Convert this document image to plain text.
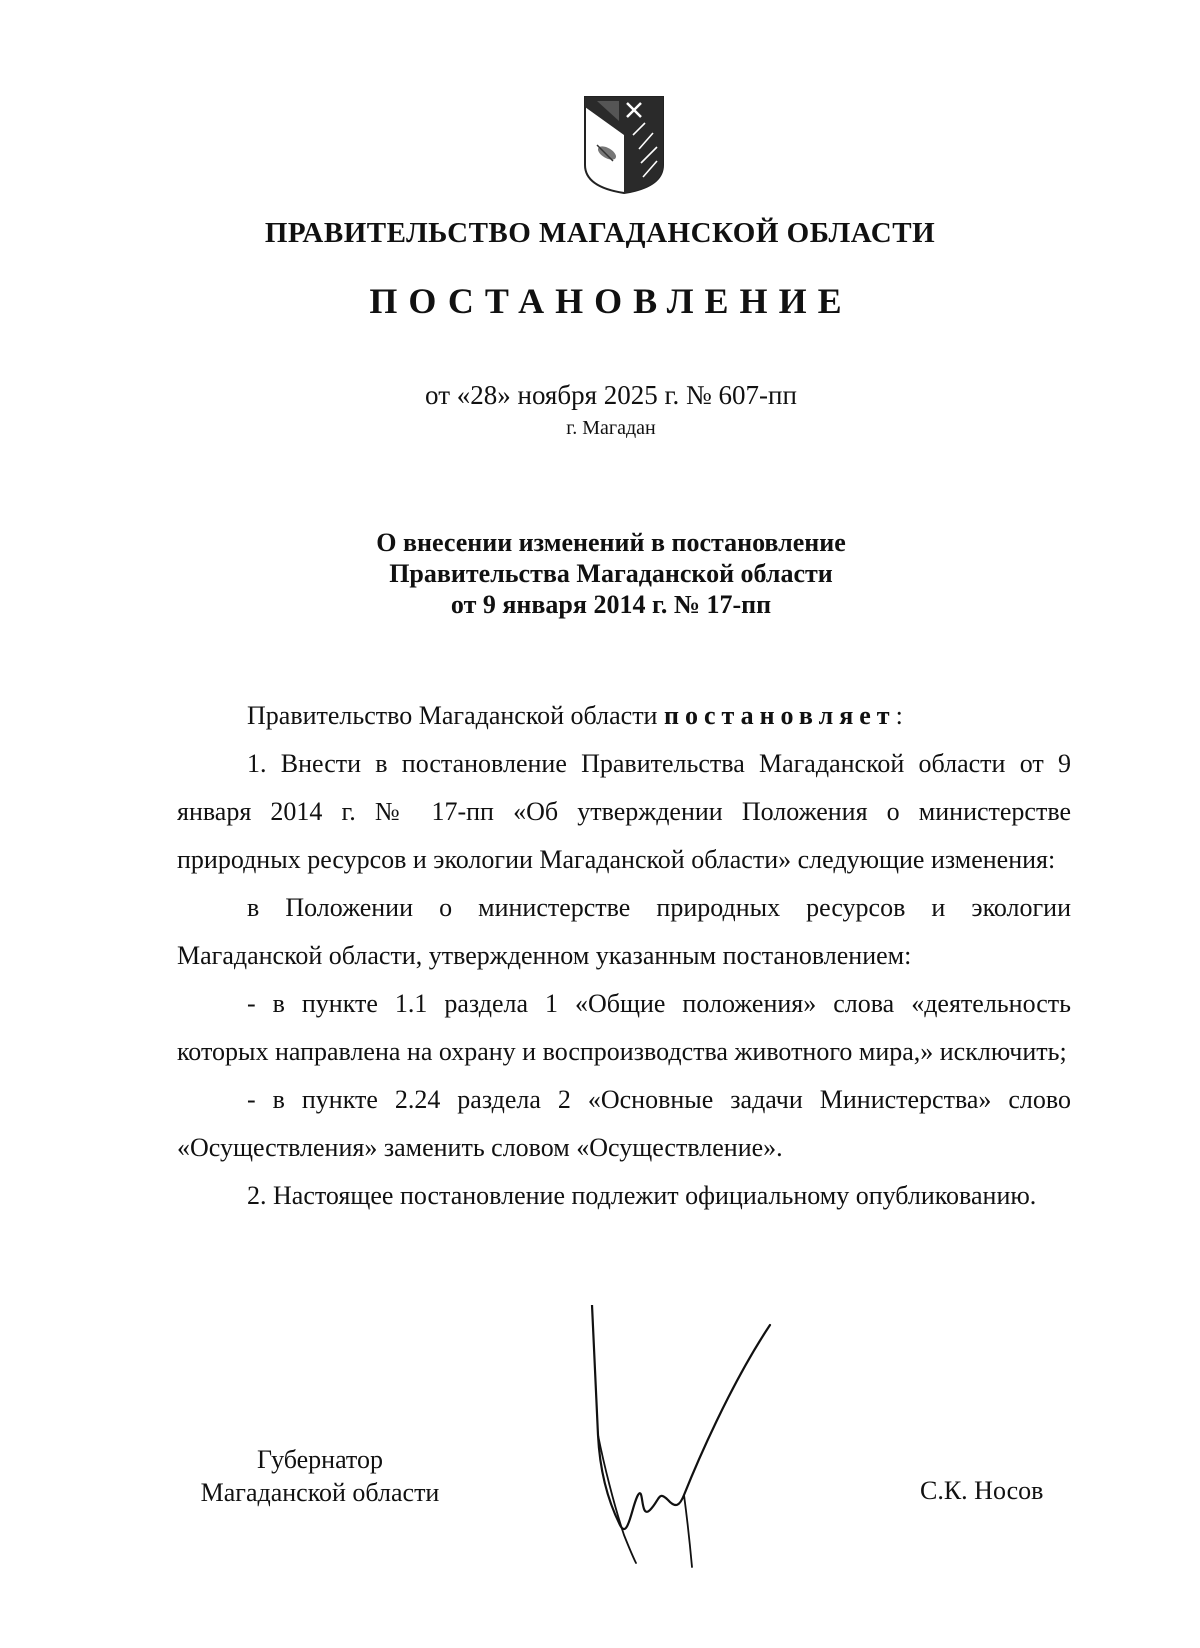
ПРАВИТЕЛЬСТВО МАГАДАНСКОЙ ОБЛАСТИ
ПОСТАНОВЛЕНИЕ
от «28» ноября 2025 г. № 607-пп
г. Магадан
О внесении изменений в постановление
Правительства Магаданской области
от 9 января 2014 г. № 17-пп

Правительство Магаданской области постановляет:

1. Внести в постановление Правительства Магаданской области от 9 января 2014 г. № 17-пп «Об утверждении Положения о министерстве природных ресурсов и экологии Магаданской области» следующие изменения:

в Положении о министерстве природных ресурсов и экологии Магаданской области, утвержденном указанным постановлением:

- в пункте 1.1 раздела 1 «Общие положения» слова «деятельность которых направлена на охрану и воспроизводства животного мира,» исключить;

- в пункте 2.24 раздела 2 «Основные задачи Министерства» слово «Осуществления» заменить словом «Осуществление».

2. Настоящее постановление подлежит официальному опубликованию.

Губернатор
Магаданской области	С.К. Носов
